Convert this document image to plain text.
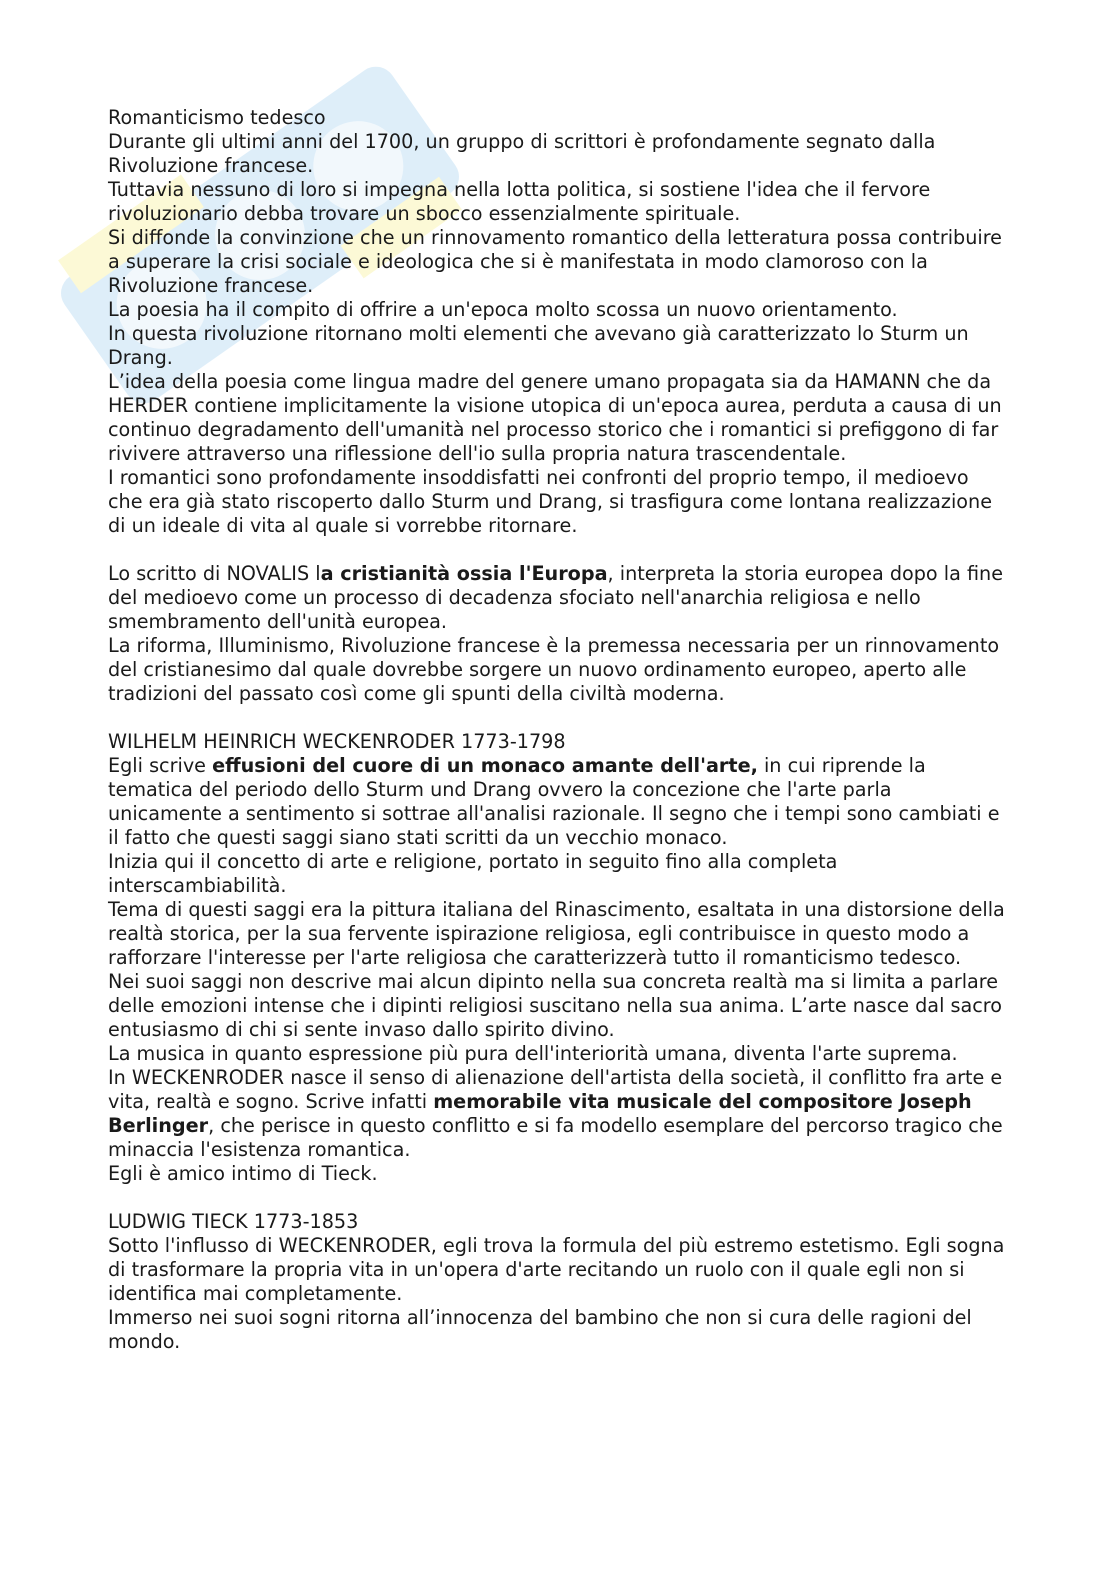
Romanticismo tedesco

Durante gli ultimi anni del 1700, un gruppo di scrittori è profondamente segnato dalla Rivoluzione francese.

Tuttavia nessuno di loro si impegna nella lotta politica, si sostiene l'idea che il fervore rivoluzionario debba trovare un sbocco essenzialmente spirituale.

Si diffonde la convinzione che un rinnovamento romantico della letteratura possa contribuire a superare la crisi sociale e ideologica che si è manifestata in modo clamoroso con la Rivoluzione francese.

La poesia ha il compito di offrire a un'epoca molto scossa un nuovo orientamento.

In questa rivoluzione ritornano molti elementi che avevano già caratterizzato lo Sturm un Drang.

L’idea della poesia come lingua madre del genere umano propagata sia da HAMANN che da HERDER contiene implicitamente la visione utopica di un'epoca aurea, perduta a causa di un continuo degradamento dell'umanità nel processo storico che i romantici si prefiggono di far rivivere attraverso una riflessione dell'io sulla propria natura trascendentale.

I romantici sono profondamente insoddisfatti nei confronti del proprio tempo, il medioevo che era già stato riscoperto dallo Sturm und Drang, si trasfigura come lontana realizzazione di un ideale di vita al quale si vorrebbe ritornare.

Lo scritto di NOVALIS la cristianità ossia l'Europa, interpreta la storia europea dopo la fine del medioevo come un processo di decadenza sfociato nell'anarchia religiosa e nello smembramento dell'unità europea.

La riforma, Illuminismo, Rivoluzione francese è la premessa necessaria per un rinnovamento del cristianesimo dal quale dovrebbe sorgere un nuovo ordinamento europeo, aperto alle tradizioni del passato così come gli spunti della civiltà moderna.

WILHELM HEINRICH WECKENRODER 1773-1798

Egli scrive effusioni del cuore di un monaco amante dell'arte, in cui riprende la tematica del periodo dello Sturm und Drang ovvero la concezione che l'arte parla unicamente a sentimento si sottrae all'analisi razionale. Il segno che i tempi sono cambiati e il fatto che questi saggi siano stati scritti da un vecchio monaco.

Inizia qui il concetto di arte e religione, portato in seguito fino alla completa interscambiabilità.

Tema di questi saggi era la pittura italiana del Rinascimento, esaltata in una distorsione della realtà storica, per la sua fervente ispirazione religiosa, egli contribuisce in questo modo a rafforzare l'interesse per l'arte religiosa che caratterizzerà tutto il romanticismo tedesco.

Nei suoi saggi non descrive mai alcun dipinto nella sua concreta realtà ma si limita a parlare delle emozioni intense che i dipinti religiosi suscitano nella sua anima. L’arte nasce dal sacro entusiasmo di chi si sente invaso dallo spirito divino.

La musica in quanto espressione più pura dell'interiorità umana, diventa l'arte suprema.

In WECKENRODER nasce il senso di alienazione dell'artista della società, il conflitto fra arte e vita, realtà e sogno. Scrive infatti memorabile vita musicale del compositore Joseph Berlinger, che perisce in questo conflitto e si fa modello esemplare del percorso tragico che minaccia l'esistenza romantica.

Egli è amico intimo di Tieck.

LUDWIG TIECK 1773-1853

Sotto l'influsso di WECKENRODER, egli trova la formula del più estremo estetismo. Egli sogna di trasformare la propria vita in un'opera d'arte recitando un ruolo con il quale egli non si identifica mai completamente.

Immerso nei suoi sogni ritorna all’innocenza del bambino che non si cura delle ragioni del mondo.
